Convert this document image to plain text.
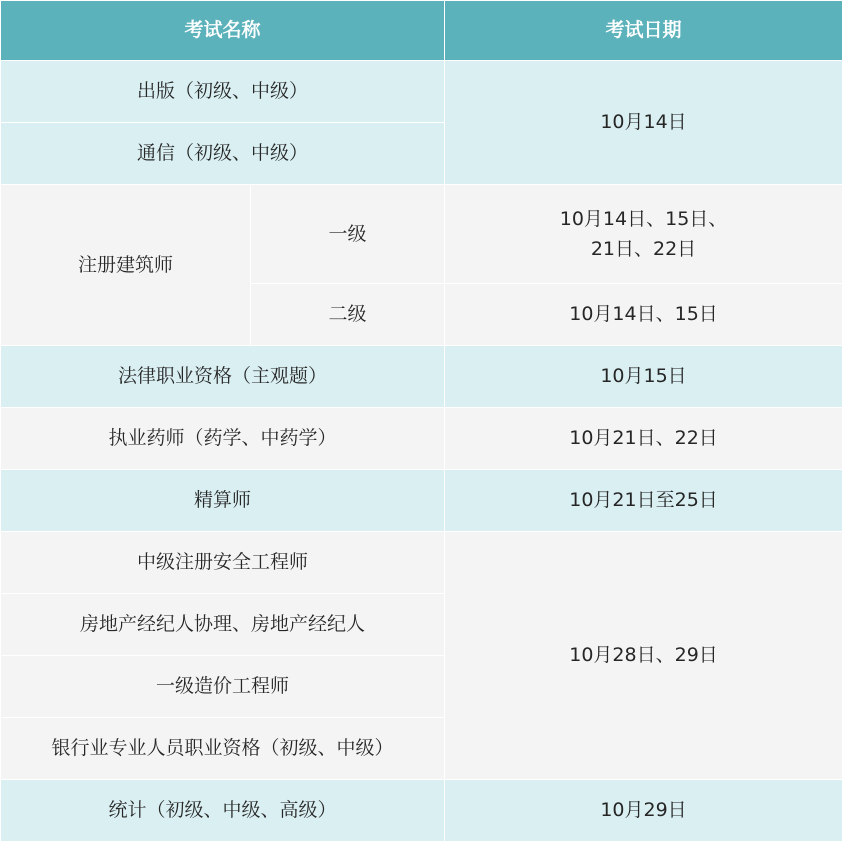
考试名称		考试日期
出版（初级、中级）		10月14日
通信（初级、中级）		
注册建筑师	一级	10月14日、15日、
21日、22日

	二级	10月14日、15日
法律职业资格（主观题）		10月15日
执业药师（药学、中药学）		10月21日、22日
精算师		10月21日至25日
中级注册安全工程师		10月28日、29日
房地产经纪人协理、房地产经纪人		
一级造价工程师		
银行业专业人员职业资格（初级、中级）		
统计（初级、中级、高级）		10月29日
